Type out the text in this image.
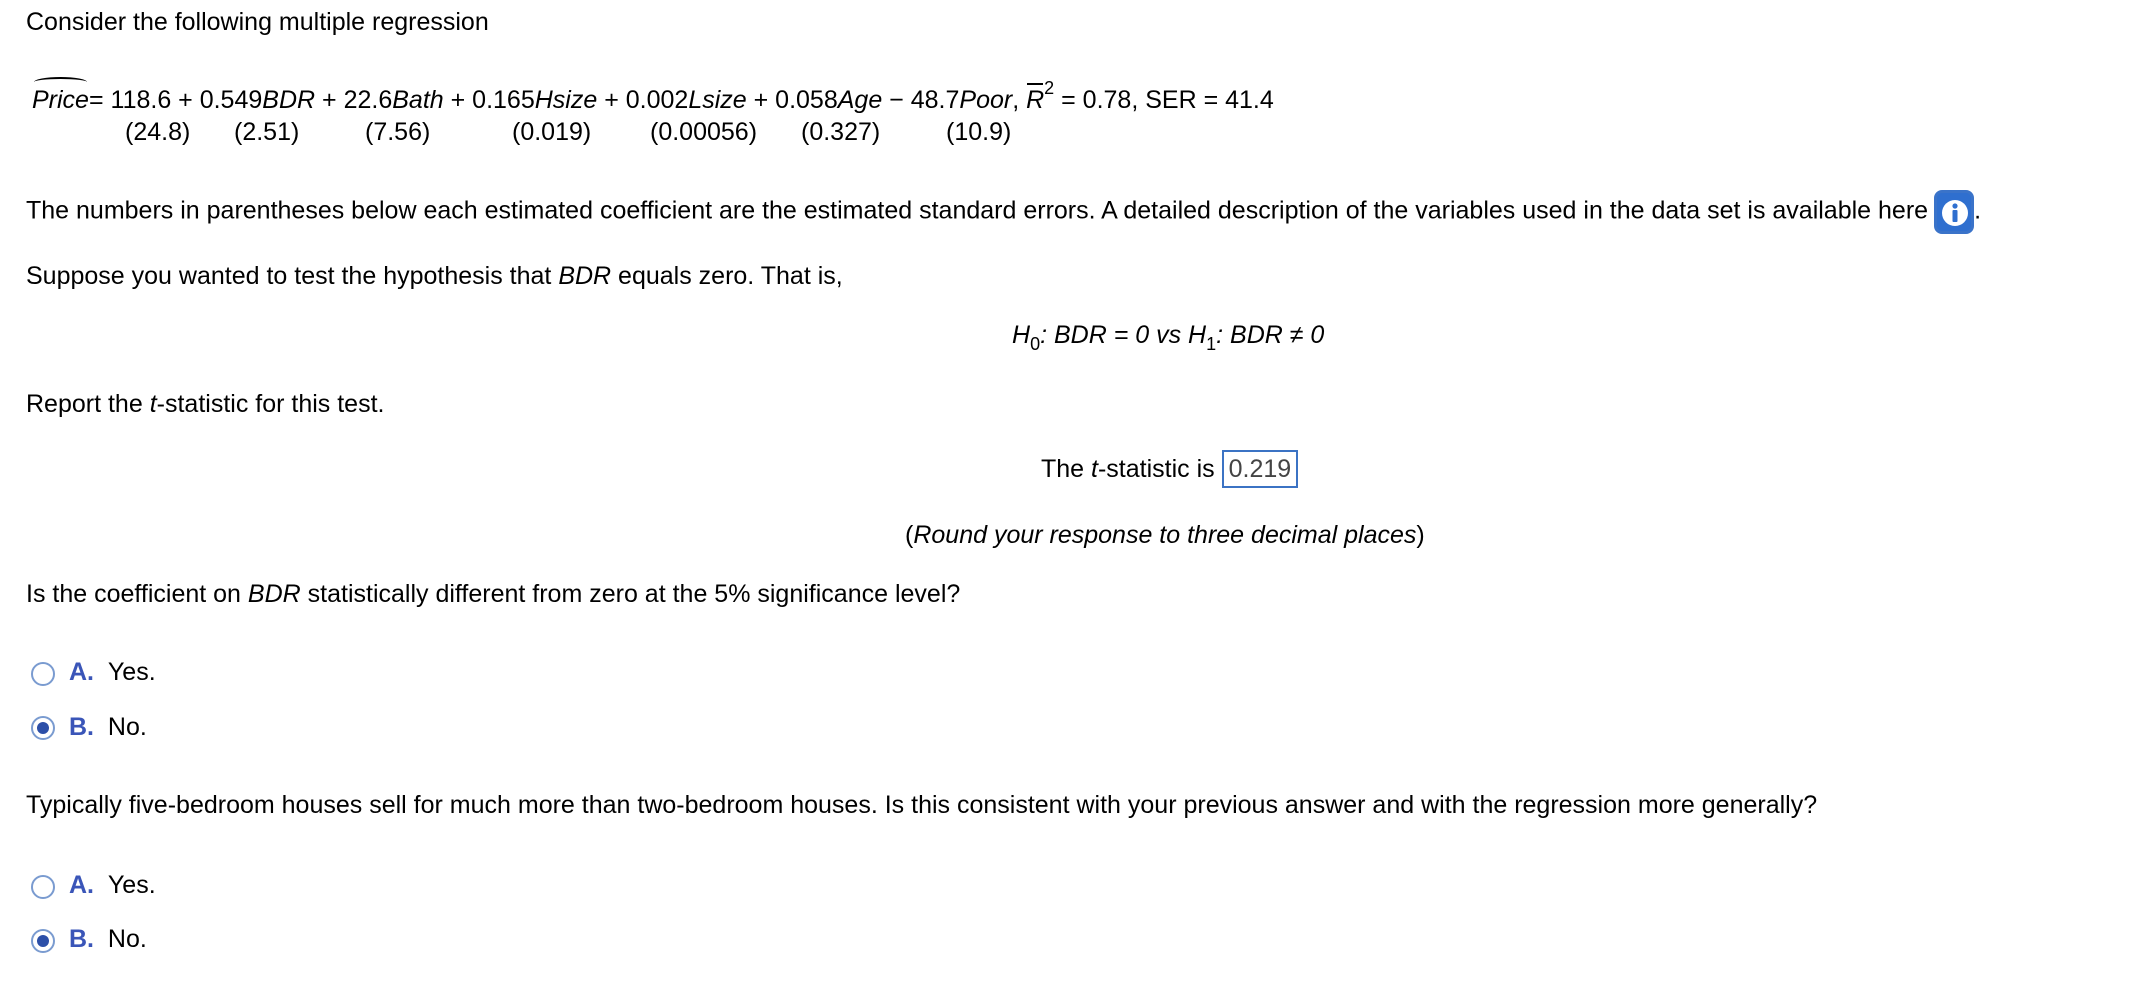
Consider the following multiple regression
Price= 118.6 + 0.549BDR + 22.6Bath + 0.165Hsize + 0.002Lsize + 0.058Age − 48.7Poor, $R^2 = 0.78$, SER = 41.4
(24.8) (2.51)	(7.56)	(0.019) (0.00056) (0.327)	(10.9)
The numbers in parentheses below each estimated coefficient are the estimated standard errors. A detailed description of the variables used in the data set is available here .
Suppose you wanted to test the hypothesis that BDR equals zero. That is,
$H_0$: BDR = 0 vs $H_1$: BDR ≠ 0
Report the t-statistic for this test.
The t-statistic is 0.219
(Round your response to three decimal places)
Is the coefficient on BDR statistically different from zero at the 5% significance level?
A. Yes.
B. No.
Typically five-bedroom houses sell for much more than two-bedroom houses. Is this consistent with your previous answer and with the regression more generally?
A. Yes.
B. No.
